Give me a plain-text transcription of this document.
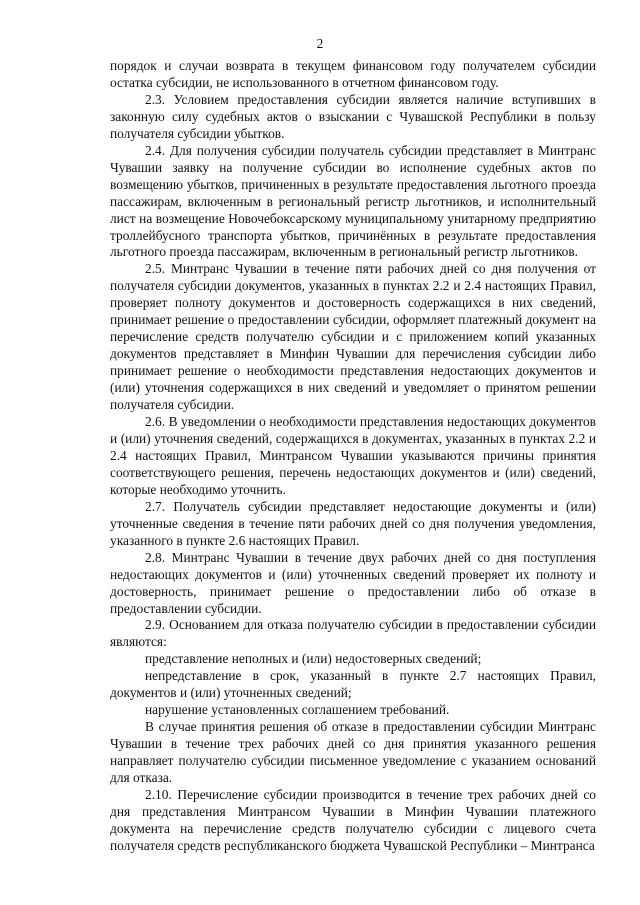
2

порядок и случаи возврата в текущем финансовом году получателем субсидии остатка субсидии, не использованного в отчетном финансовом году.

2.3. Условием предоставления субсидии является наличие вступивших в законную силу судебных актов о взыскании с Чувашской Республики в пользу получателя субсидии убытков.

2.4. Для получения субсидии получатель субсидии представляет в Минтранс Чувашии заявку на получение субсидии во исполнение судебных актов по возмещению убытков, причиненных в результате предоставления льготного проезда пассажирам, включенным в региональный регистр льготников, и исполнительный лист на возмещение Новочебоксарскому муниципальному унитарному предприятию троллейбусного транспорта убытков, причинённых в результате предоставления льготного проезда пассажирам, включенным в региональный регистр льготников.

2.5. Минтранс Чувашии в течение пяти рабочих дней со дня получения от получателя субсидии документов, указанных в пунктах 2.2 и 2.4 настоящих Правил, проверяет полноту документов и достоверность содержащихся в них сведений, принимает решение о предоставлении субсидии, оформляет платежный документ на перечисление средств получателю субсидии и с приложением копий указанных документов представляет в Минфин Чувашии для перечисления субсидии либо принимает решение о необходимости представления недостающих документов и (или) уточнения содержащихся в них сведений и уведомляет о принятом решении получателя субсидии.

2.6. В уведомлении о необходимости представления недостающих документов и (или) уточнения сведений, содержащихся в документах, указанных в пунктах 2.2 и 2.4 настоящих Правил, Минтрансом Чувашии указываются причины принятия соответствующего решения, перечень недостающих документов и (или) сведений, которые необходимо уточнить.

2.7. Получатель субсидии представляет недостающие документы и (или) уточненные сведения в течение пяти рабочих дней со дня получения уведомления, указанного в пункте 2.6 настоящих Правил.

2.8. Минтранс Чувашии в течение двух рабочих дней со дня поступления недостающих документов и (или) уточненных сведений проверяет их полноту и достоверность, принимает решение о предоставлении либо об отказе в предоставлении субсидии.

2.9. Основанием для отказа получателю субсидии в предоставлении субсидии являются:

представление неполных и (или) недостоверных сведений;

непредставление в срок, указанный в пункте 2.7 настоящих Правил, документов и (или) уточненных сведений;

нарушение установленных соглашением требований.

В случае принятия решения об отказе в предоставлении субсидии Минтранс Чувашии в течение трех рабочих дней со дня принятия указанного решения направляет получателю субсидии письменное уведомление с указанием оснований для отказа.

2.10. Перечисление субсидии производится в течение трех рабочих дней со дня представления Минтрансом Чувашии в Минфин Чувашии платежного документа на перечисление средств получателю субсидии с лицевого счета получателя средств республиканского бюджета Чувашской Республики – Минтранса
